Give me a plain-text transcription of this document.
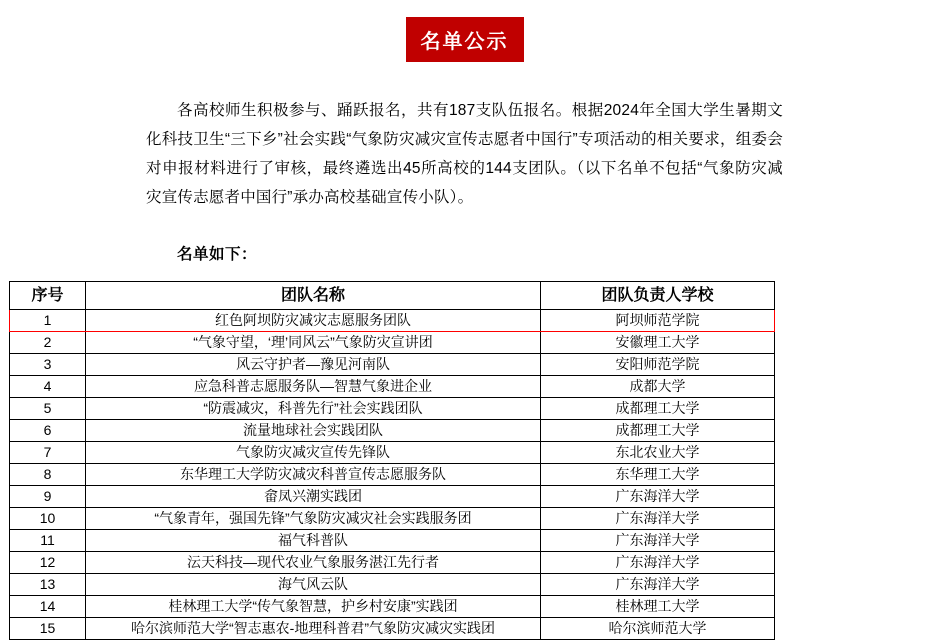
名单公示

各高校师生积极参与、踊跃报名，共有187支队伍报名。根据2024年全国大学生暑期文化科技卫生“三下乡”社会实践“气象防灾减灾宣传志愿者中国行”专项活动的相关要求，组委会对申报材料进行了审核，最终遴选出45所高校的144支团队。（以下名单不包括“气象防灾减灾宣传志愿者中国行”承办高校基础宣传小队）。

名单如下：
序号	团队名称	团队负责人学校
1	红色阿坝防灾减灾志愿服务团队	阿坝师范学院
2	“气象守望，‘理’同风云”气象防灾宣讲团	安徽理工大学
3	风云守护者—豫见河南队	安阳师范学院
4	应急科普志愿服务队—智慧气象进企业	成都大学
5	“防震减灾，科普先行”社会实践团队	成都理工大学
6	流量地球社会实践团队	成都理工大学
7	气象防灾减灾宣传先锋队	东北农业大学
8	东华理工大学防灾减灾科普宣传志愿服务队	东华理工大学
9	畲凤兴潮实践团	广东海洋大学
10	“气象青年，强国先锋”气象防灾减灾社会实践服务团	广东海洋大学
11	福气科普队	广东海洋大学
12	沄天科技—现代农业气象服务湛江先行者	广东海洋大学
13	海气风云队	广东海洋大学
14	桂林理工大学“传气象智慧，护乡村安康”实践团	桂林理工大学
15	哈尔滨师范大学“智志惠农-地理科普君”气象防灾减灾实践团	哈尔滨师范大学
